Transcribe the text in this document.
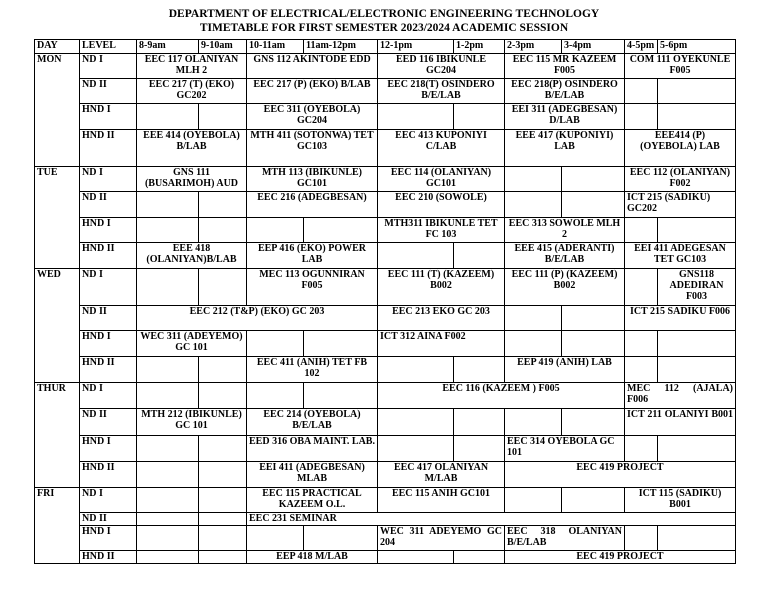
DEPARTMENT OF ELECTRICAL/ELECTRONIC ENGINEERING TECHNOLOGY
TIMETABLE FOR FIRST SEMESTER 2023/2024 ACADEMIC SESSION
DAY	LEVEL	8-9am	9-10am	10-11am	11am-12pm	12-1pm	1-2pm	2-3pm	3-4pm	4-5pm	5-6pm
MON	ND I	EEC 117 OLANIYAN MLH 2		GNS 112 AKINTODE EDD		EED 116 IBIKUNLE GC204		EEC 115 MR KAZEEM F005		COM 111 OYEKUNLE F005	
	ND II	EEC 217 (T) (EKO) GC202		EEC 217 (P) (EKO) B/LAB		EEC 218(T) OSINDERO B/E/LAB		EEC 218(P) OSINDERO B/E/LAB			
	HND I			EEC 311 (OYEBOLA) GC204				EEI 311 (ADEGBESAN) D/LAB			
	HND II	EEE 414 (OYEBOLA) B/LAB		MTH 411 (SOTONWA) TET GC103		EEC 413 KUPONIYI C/LAB		EEE 417 (KUPONIYI) LAB		EEE414 (P) (OYEBOLA) LAB	
TUE	ND I	GNS 111 (BUSARIMOH) AUD		MTH 113 (IBIKUNLE) GC101		EEC 114 (OLANIYAN) GC101				EEC 112 (OLANIYAN) F002	
	ND II			EEC 216 (ADEGBESAN)		EEC 210 (SOWOLE)				ICT 215 (SADIKU) GC202	
	HND I					MTH311 IBIKUNLE TET FC 103		EEC 313 SOWOLE MLH 2			
	HND II	EEE 418 (OLANIYAN)B/LAB		EEP 416 (EKO) POWER LAB				EEE 415 (ADERANTI) B/E/LAB		EEI 411 ADEGESAN TET GC103	
WED	ND I			MEC 113 OGUNNIRAN F005		EEC 111 (T) (KAZEEM) B002		EEC 111 (P) (KAZEEM) B002			GNS118 ADEDIRAN F003
	ND II	EEC 212 (T&P) (EKO) GC 203				EEC 213 EKO GC 203				ICT 215 SADIKU F006	
	HND I	WEC 311 (ADEYEMO) GC 101				ICT 312 AINA F002					
	HND II			EEC 411 (ANIH) TET FB 102				EEP 419 (ANIH) LAB			
THUR	ND I					EEC 116 (KAZEEM ) F005				MEC 112 (AJALA) F006	
	ND II	MTH 212 (IBIKUNLE) GC 101		EEC 214 (OYEBOLA) B/E/LAB						ICT 211 OLANIYI B001	
	HND I			EED 316 OBA MAINT. LAB.				EEC 314 OYEBOLA GC 101			
	HND II			EEI 411 (ADEGBESAN) MLAB		EEC 417 OLANIYAN M/LAB		EEC 419 PROJECT			
FRI	ND I			EEC 115 PRACTICAL KAZEEM O.L.		EEC 115 ANIH GC101				ICT 115 (SADIKU) B001	
	ND II			EEC 231 SEMINAR							
	HND I					WEC 311 ADEYEMO GC 204		EEC 318 OLANIYAN B/E/LAB			
	HND II			EEP 418 M/LAB				EEC 419 PROJECT			
